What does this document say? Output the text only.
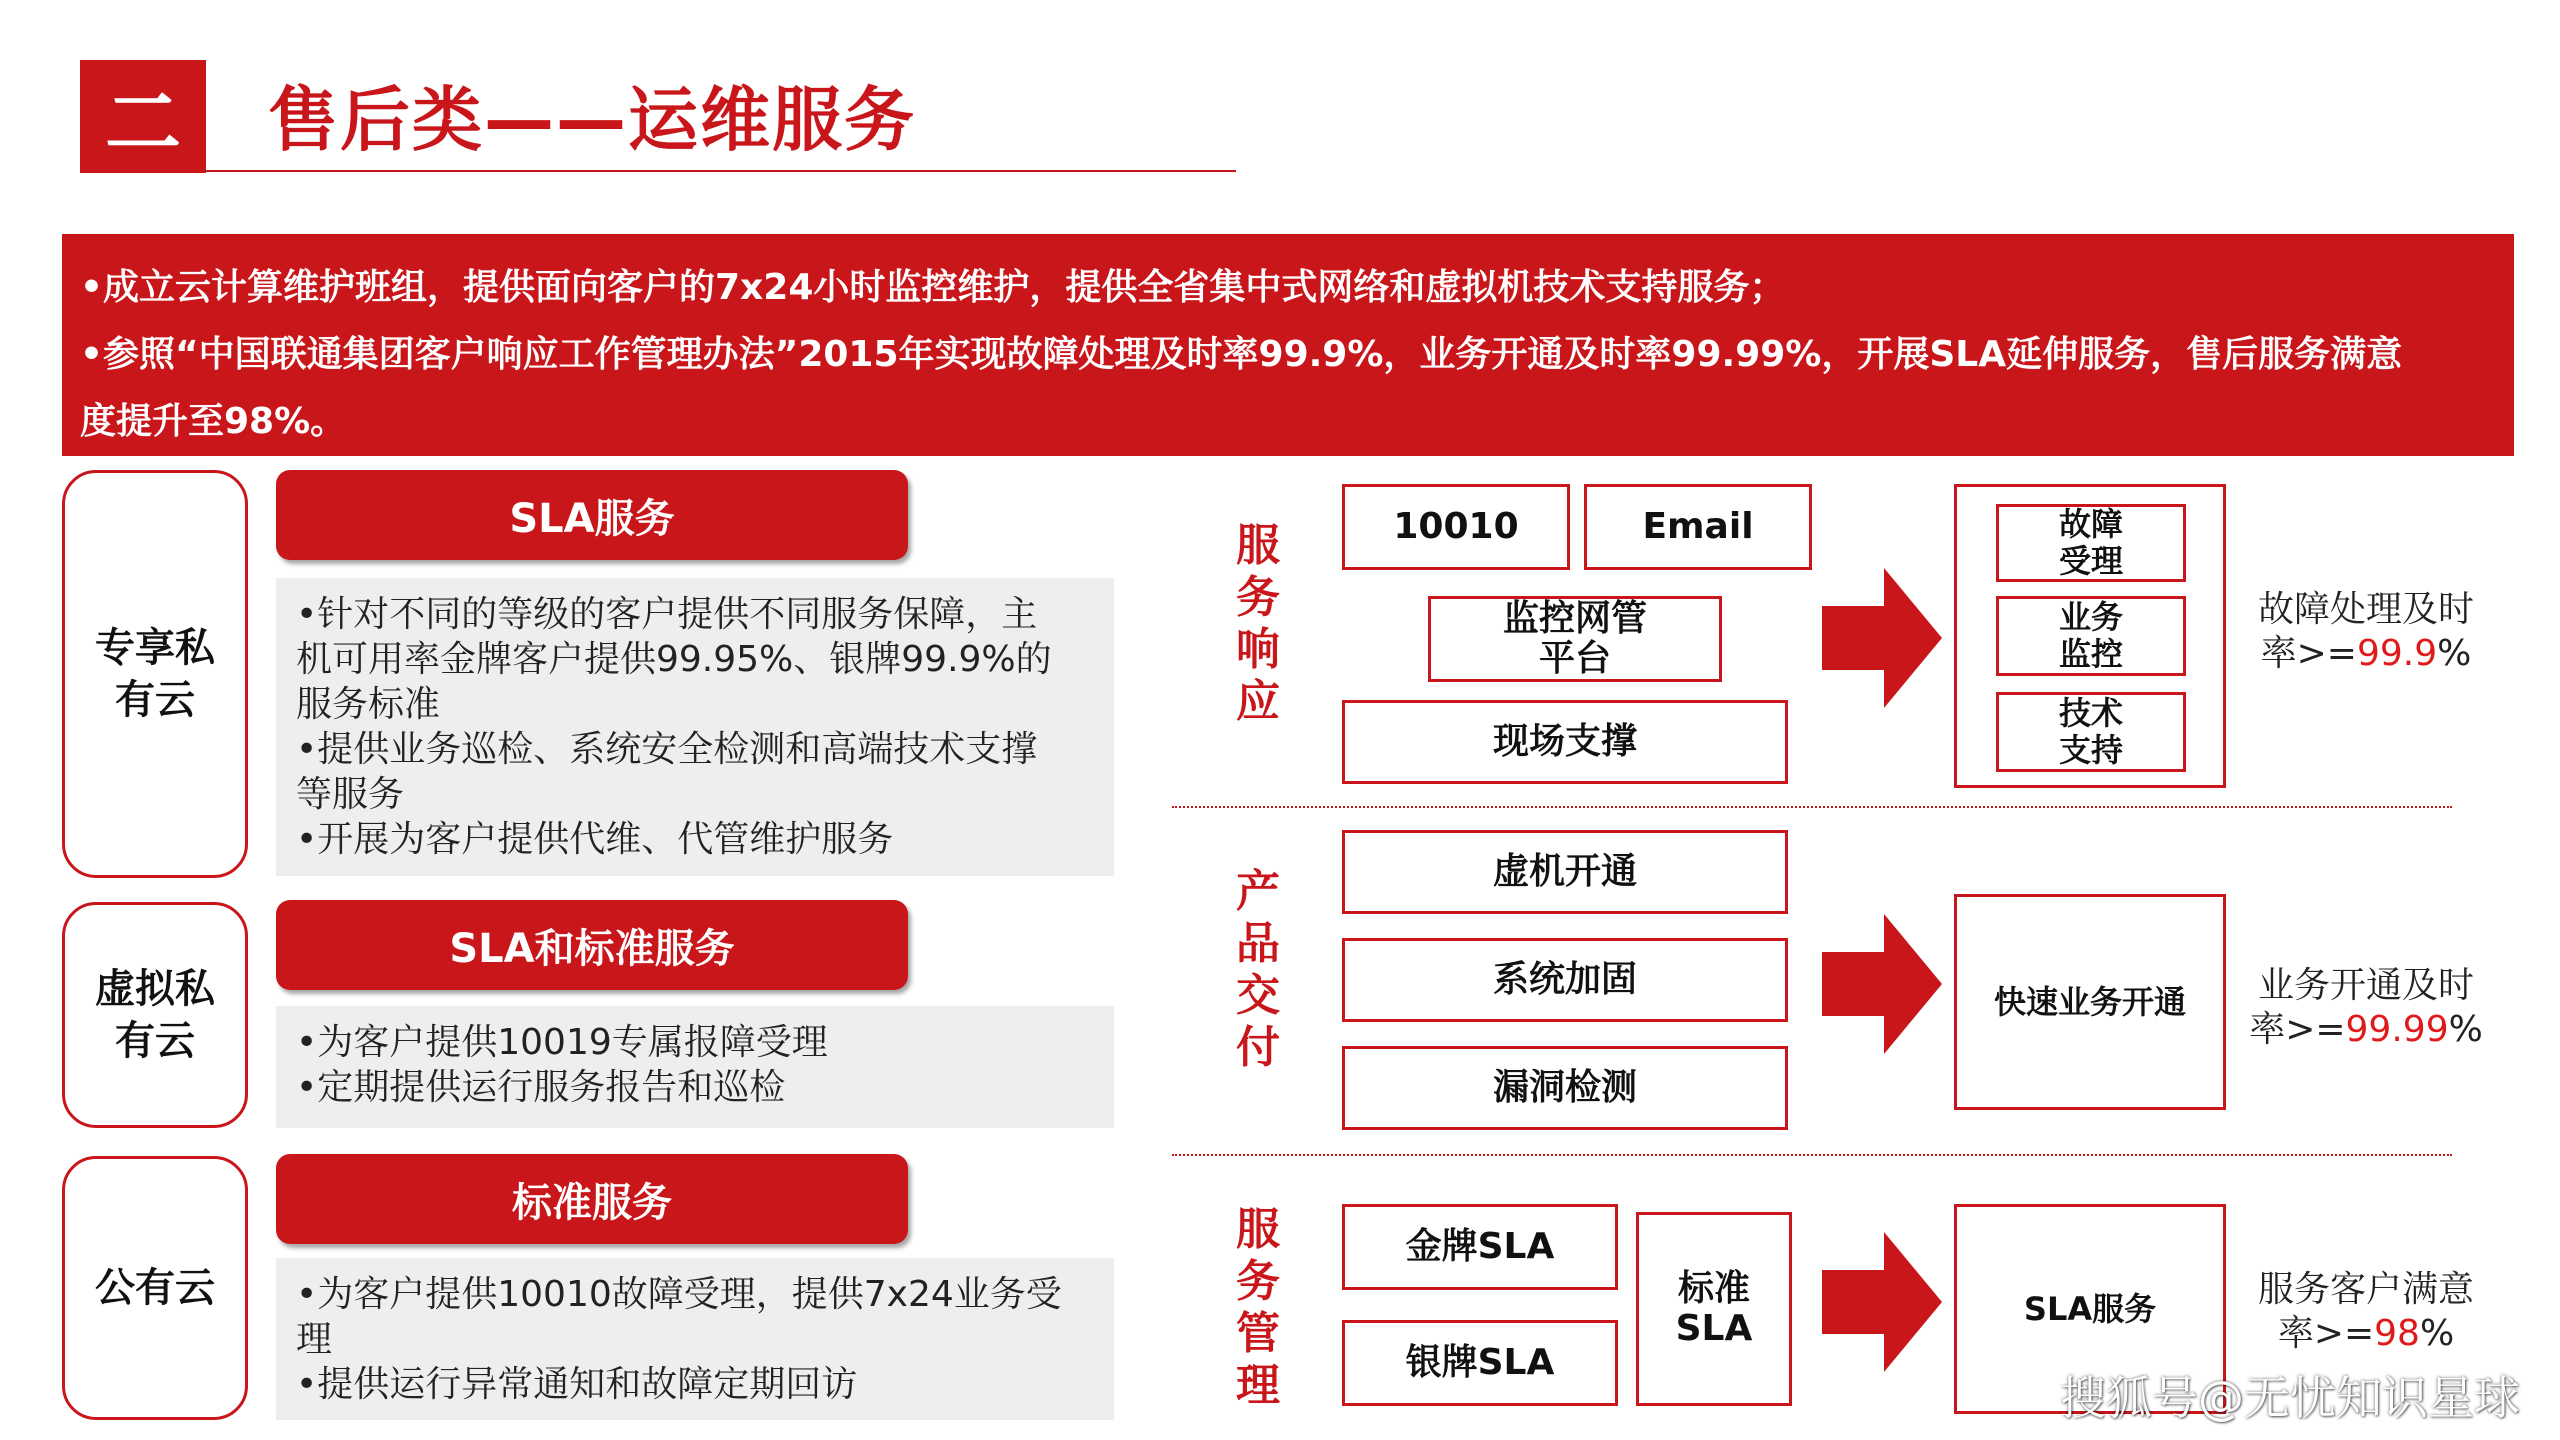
二 售后类——运维服务

•成立云计算维护班组，提供面向客户的7x24小时监控维护，提供全省集中式网络和虚拟机技术支持服务；

•参照“中国联通集团客户响应工作管理办法”2015年实现故障处理及时率99.9%，业务开通及时率99.99%，开展SLA延伸服务，售后服务满意

度提升至98%。

专享私
有云
SLA服务
•针对不同的等级的客户提供不同服务保障，主
机可用率金牌客户提供99.95%、银牌99.9%的
服务标准
•提供业务巡检、系统安全检测和高端技术支撑
等服务
•开展为客户提供代维、代管维护服务
虚拟私
有云
SLA和标准服务
•为客户提供10019专属报障受理
•定期提供运行服务报告和巡检
公有云
标准服务
•为客户提供10010故障受理，提供7x24业务受
理
•提供运行异常通知和故障定期回访
服
务
响
应
10010	Email
监控网管
平台
现场支撑
故障
受理
业务
监控
技术
支持
故障处理及时
率>=99.9%
产
品
交
付
虚机开通
系统加固
漏洞检测
快速业务开通	业务开通及时
率>=99.99%
服
务
管
理
金牌SLA
银牌SLA
标准
SLA	SLA服务	服务客户满意
率>=98%
搜狐号@无忧知识星球
